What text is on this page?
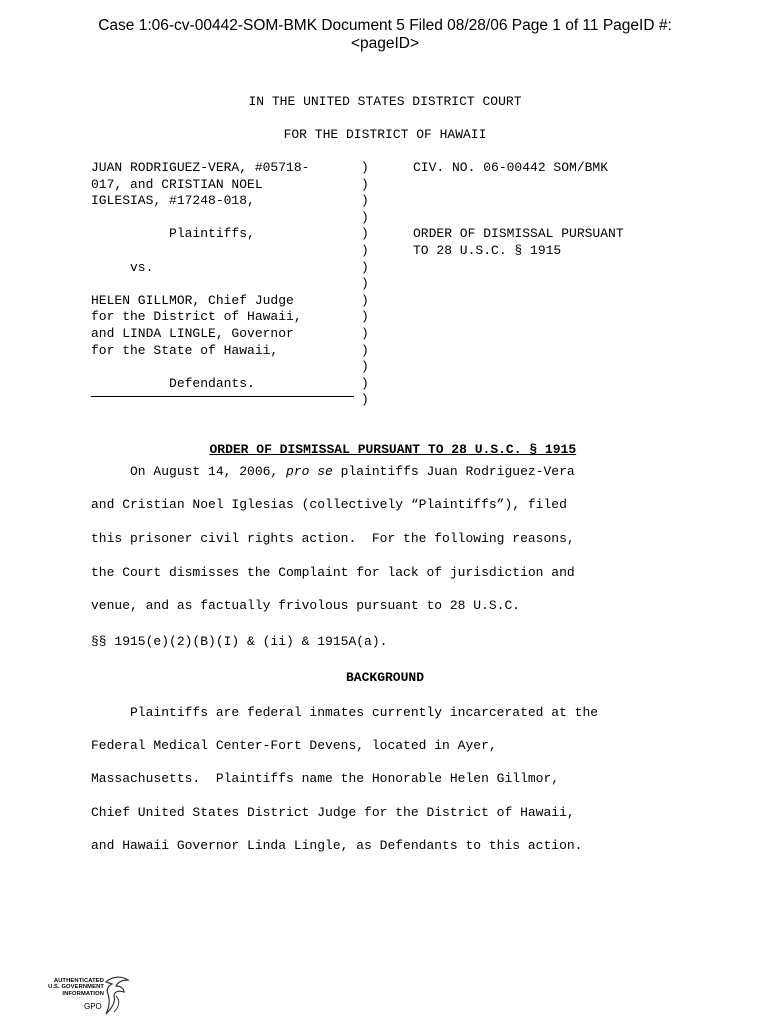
Case 1:06-cv-00442-SOM-BMK Document 5 Filed 08/28/06 Page 1 of 11 PageID #:
<pageID>
IN THE UNITED STATES DISTRICT COURT
FOR THE DISTRICT OF HAWAII
JUAN RODRIGUEZ-VERA, #05718-
017, and CRISTIAN NOEL
IGLESIAS, #17248-018,
Plaintiffs,
vs.
HELEN GILLMOR, Chief Judge
for the District of Hawaii,
and LINDA LINGLE, Governor
for the State of Hawaii,
Defendants.
)
)
)
)
)
)
)
)
)
)
)
)
)
)
)
CIV. NO. 06-00442 SOM/BMK
ORDER OF DISMISSAL PURSUANT
TO 28 U.S.C. § 1915

ORDER OF DISMISSAL PURSUANT TO 28 U.S.C. § 1915

On August 14, 2006, pro se plaintiffs Juan Rodriguez-Vera
and Cristian Noel Iglesias (collectively “Plaintiffs”), filed
this prisoner civil rights action.  For the following reasons,
the Court dismisses the Complaint for lack of jurisdiction and
venue, and as factually frivolous pursuant to 28 U.S.C.
§§ 1915(e)(2)(B)(I) & (ii) & 1915A(a).
BACKGROUND
Plaintiffs are federal inmates currently incarcerated at the
Federal Medical Center-Fort Devens, located in Ayer,
Massachusetts.  Plaintiffs name the Honorable Helen Gillmor,
Chief United States District Judge for the District of Hawaii,
and Hawaii Governor Linda Lingle, as Defendants to this action.
AUTHENTICATED
U.S. GOVERNMENT
INFORMATION
GPO
